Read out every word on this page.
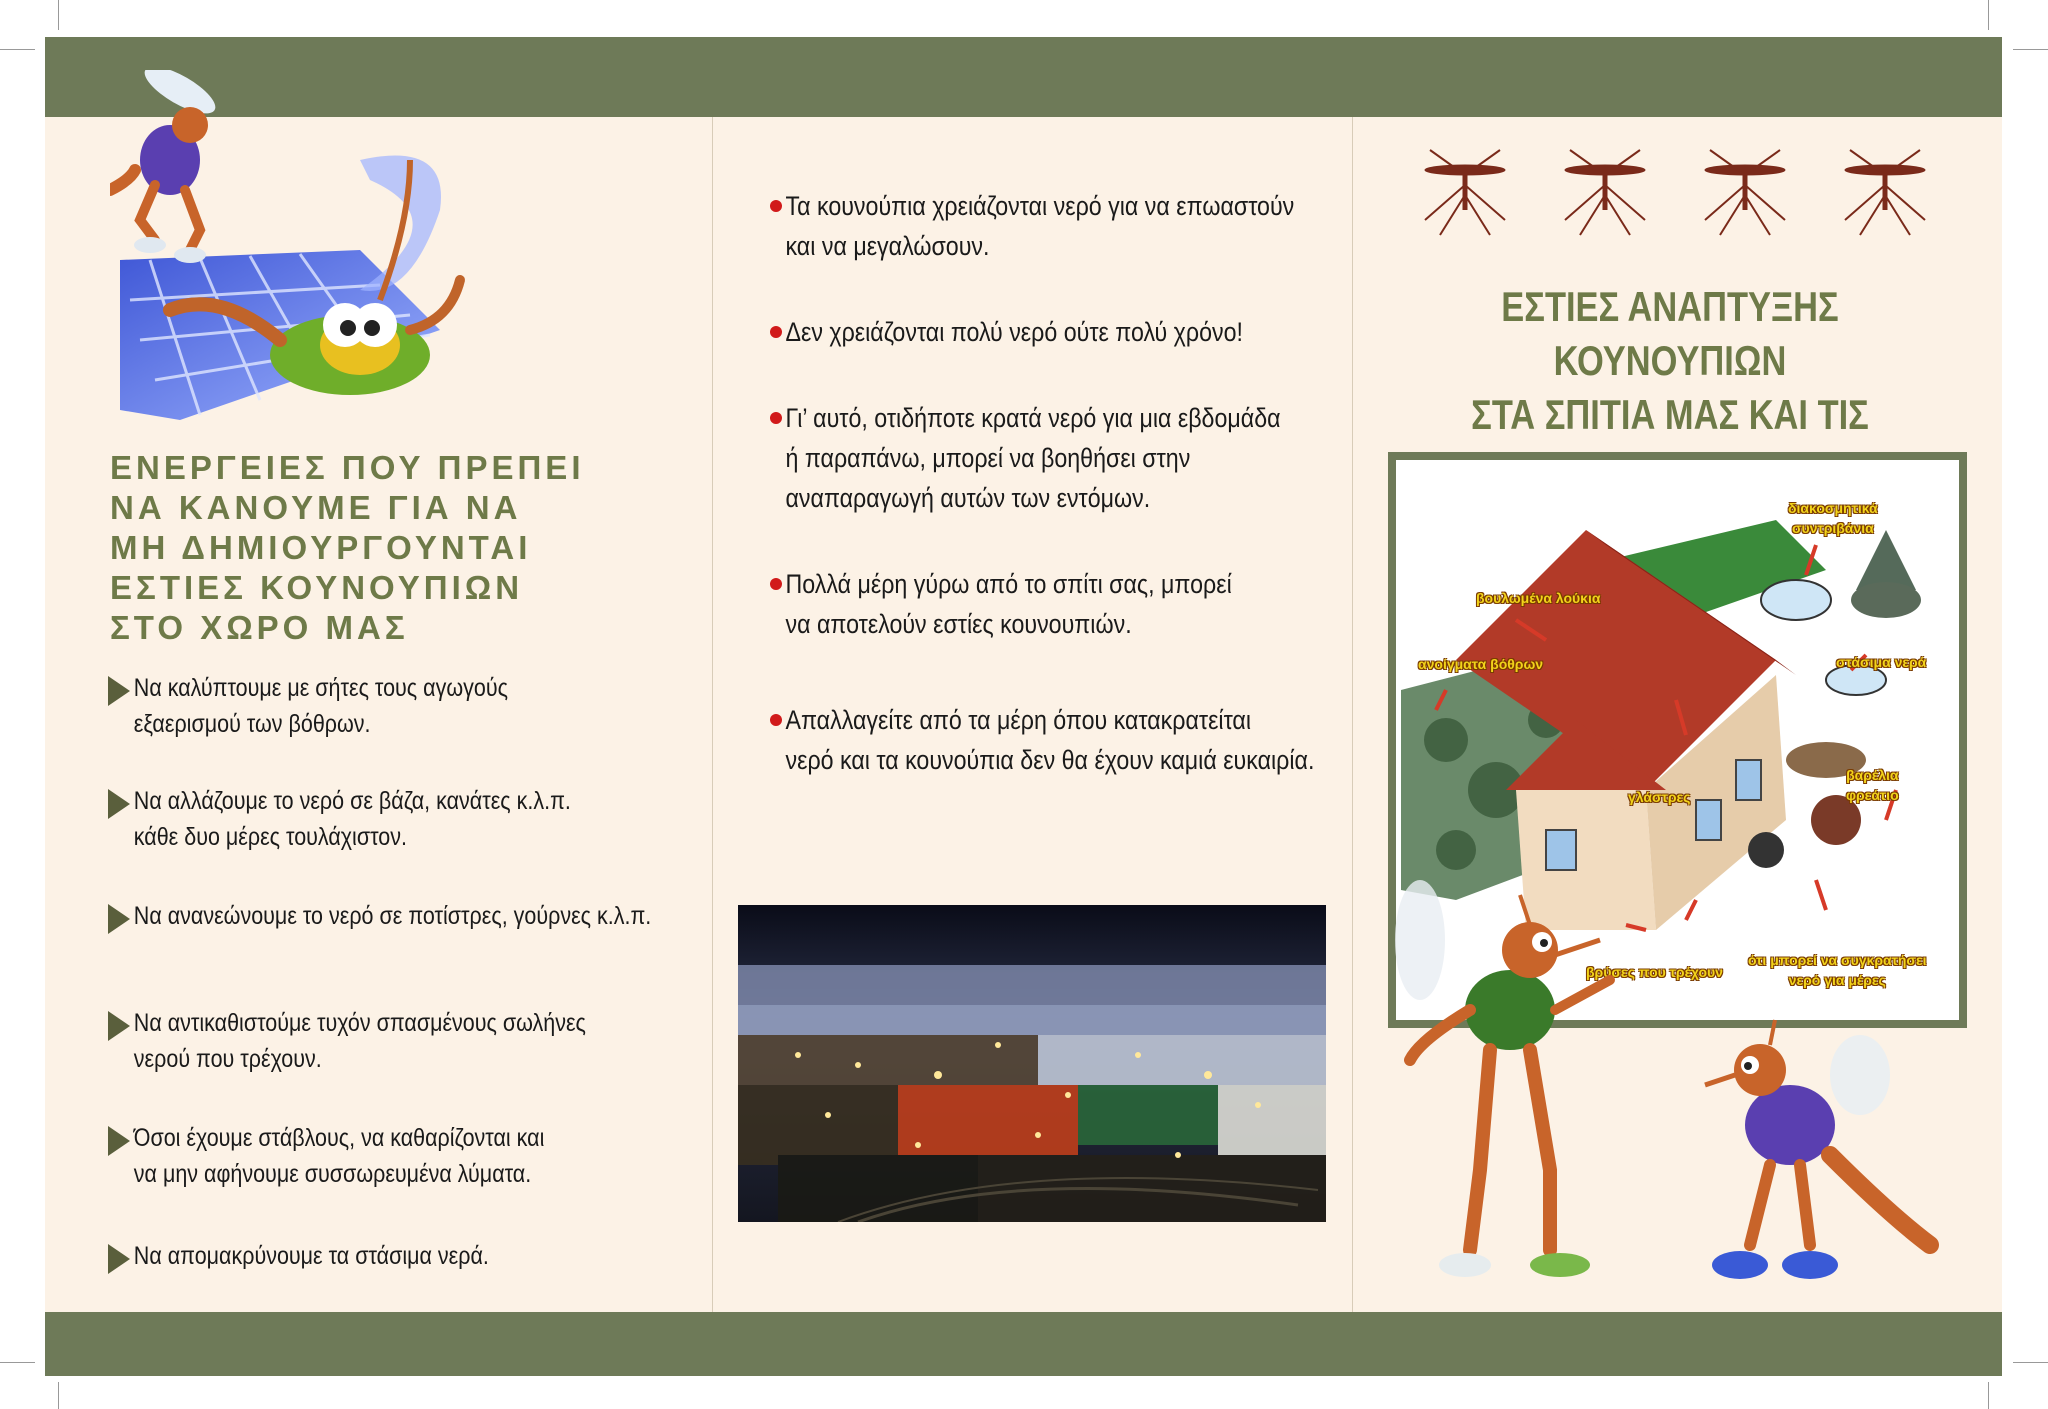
ΕΝΕΡΓΕΙΕΣ ΠΟΥ ΠΡΕΠΕΙ
ΝΑ ΚΑΝΟΥΜΕ ΓΙΑ ΝΑ
ΜΗ ΔΗΜΙΟΥΡΓΟΥΝΤΑΙ
ΕΣΤΙΕΣ ΚΟΥΝΟΥΠΙΩΝ
ΣΤΟ ΧΩΡΟ ΜΑΣ
Να καλύπτουμε με σήτες τους αγωγούς
εξαερισμού των βόθρων.
Να αλλάζουμε το νερό σε βάζα, κανάτες κ.λ.π.
κάθε δυο μέρες τουλάχιστον.
Να ανανεώνουμε το νερό σε ποτίστρες, γούρνες κ.λ.π.
Να αντικαθιστούμε τυχόν σπασμένους σωλήνες
νερού που τρέχουν.
Όσοι έχουμε στάβλους, να καθαρίζονται και
να μην αφήνουμε συσσωρευμένα λύματα.
Να απομακρύνουμε τα στάσιμα νερά.
Τα κουνούπια χρειάζονται νερό για να επωαστούν
και να μεγαλώσουν.
Δεν χρειάζονται πολύ νερό ούτε πολύ χρόνο!
Γι’ αυτό, οτιδήποτε κρατά νερό για μια εβδομάδα
ή παραπάνω, μπορεί να βοηθήσει στην
αναπαραγωγή αυτών των εντόμων.
Πολλά μέρη γύρω από το σπίτι σας, μπορεί
να αποτελούν εστίες κουνουπιών.
Απαλλαγείτε από τα μέρη όπου κατακρατείται
νερό και τα κουνούπια δεν θα έχουν καμιά ευκαιρία.
ΕΣΤΙΕΣ ΑΝΑΠΤΥΞΗΣ ΚΟΥΝΟΥΠΙΩΝ
ΣΤΑ ΣΠΙΤΙΑ ΜΑΣ ΚΑΙ ΤΙΣ
διακοσμητικά
συντριβάνια
βουλωμένα λούκια
ανοίγματα βόθρων	στάσιμα νερά
βαρέλια
φρεάτιο
γλάστρες
βρύσες που τρέχουν
ότι μπορεί να συγκρατήσει
νερό για μέρες
